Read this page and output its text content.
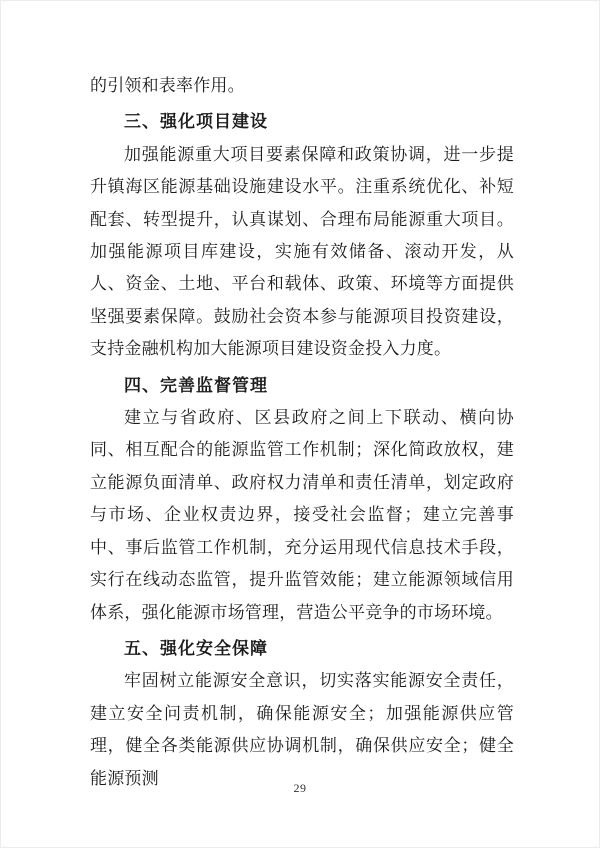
的引领和表率作用。

三、强化项目建设

加强能源重大项目要素保障和政策协调，进一步提升镇海区能源基础设施建设水平。注重系统优化、补短配套、转型提升，认真谋划、合理布局能源重大项目。加强能源项目库建设，实施有效储备、滚动开发，从人、资金、土地、平台和载体、政策、环境等方面提供坚强要素保障。鼓励社会资本参与能源项目投资建设，支持金融机构加大能源项目建设资金投入力度。

四、完善监督管理

建立与省政府、区县政府之间上下联动、横向协同、相互配合的能源监管工作机制；深化简政放权，建立能源负面清单、政府权力清单和责任清单，划定政府与市场、企业权责边界，接受社会监督；建立完善事中、事后监管工作机制，充分运用现代信息技术手段，实行在线动态监管，提升监管效能；建立能源领域信用体系，强化能源市场管理，营造公平竞争的市场环境。

五、强化安全保障

牢固树立能源安全意识，切实落实能源安全责任，建立安全问责机制，确保能源安全；加强能源供应管理，健全各类能源供应协调机制，确保供应安全；健全能源预测

29
